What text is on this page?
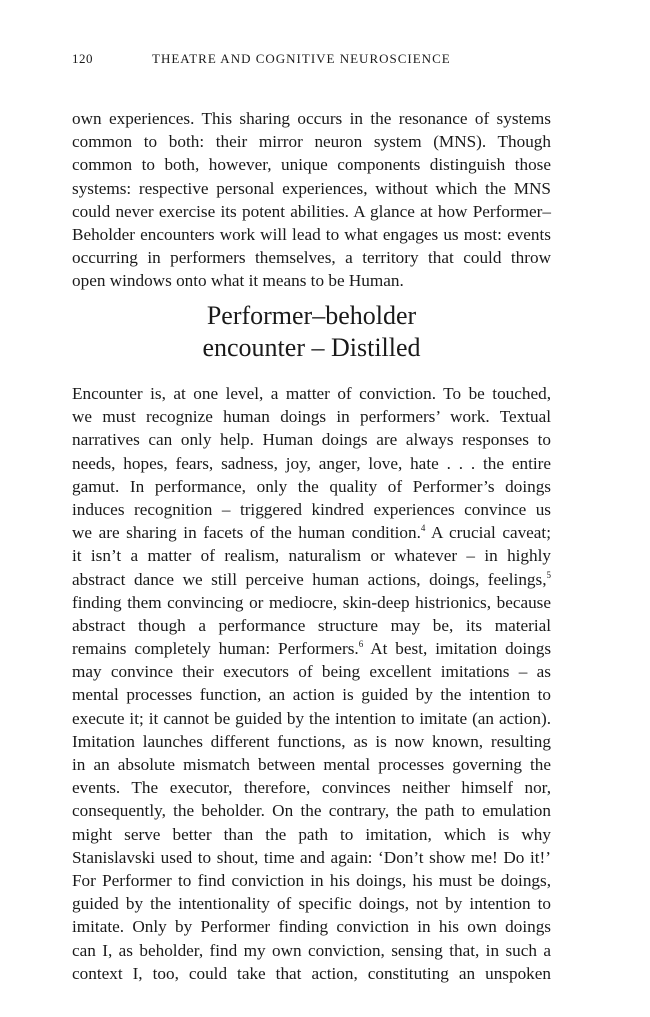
120	THEATRE AND COGNITIVE NEUROSCIENCE
own experiences. This sharing occurs in the resonance of systems
common to both: their mirror neuron system (MNS). Though
common to both, however, unique components distinguish those
systems: respective personal experiences, without which the MNS
could never exercise its potent abilities. A glance at how Performer–
Beholder encounters work will lead to what engages us most: events
occurring in performers themselves, a territory that could throw
open windows onto what it means to be Human.
Performer–beholder
encounter – Distilled
Encounter is, at one level, a matter of conviction. To be touched,
we must recognize human doings in performers’ work. Textual
narratives can only help. Human doings are always responses to
needs, hopes, fears, sadness, joy, anger, love, hate . . . the entire
gamut. In performance, only the quality of Performer’s doings
induces recognition – triggered kindred experiences convince us
we are sharing in facets of the human condition.$^4$ A crucial caveat;
it isn’t a matter of realism, naturalism or whatever – in highly
abstract dance we still perceive human actions, doings, feelings,$^5$
finding them convincing or mediocre, skin-deep histrionics, because
abstract though a performance structure may be, its material
remains completely human: Performers.$^6$ At best, imitation doings
may convince their executors of being excellent imitations – as
mental processes function, an action is guided by the intention to
execute it; it cannot be guided by the intention to imitate (an action).
Imitation launches different functions, as is now known, resulting
in an absolute mismatch between mental processes governing the
events. The executor, therefore, convinces neither himself nor,
consequently, the beholder. On the contrary, the path to emulation
might serve better than the path to imitation, which is why
Stanislavski used to shout, time and again: ‘Don’t show me! Do it!’
For Performer to find conviction in his doings, his must be doings,
guided by the intentionality of specific doings, not by intention to
imitate. Only by Performer finding conviction in his own doings
can I, as beholder, find my own conviction, sensing that, in such a
context I, too, could take that action, constituting an unspoken
